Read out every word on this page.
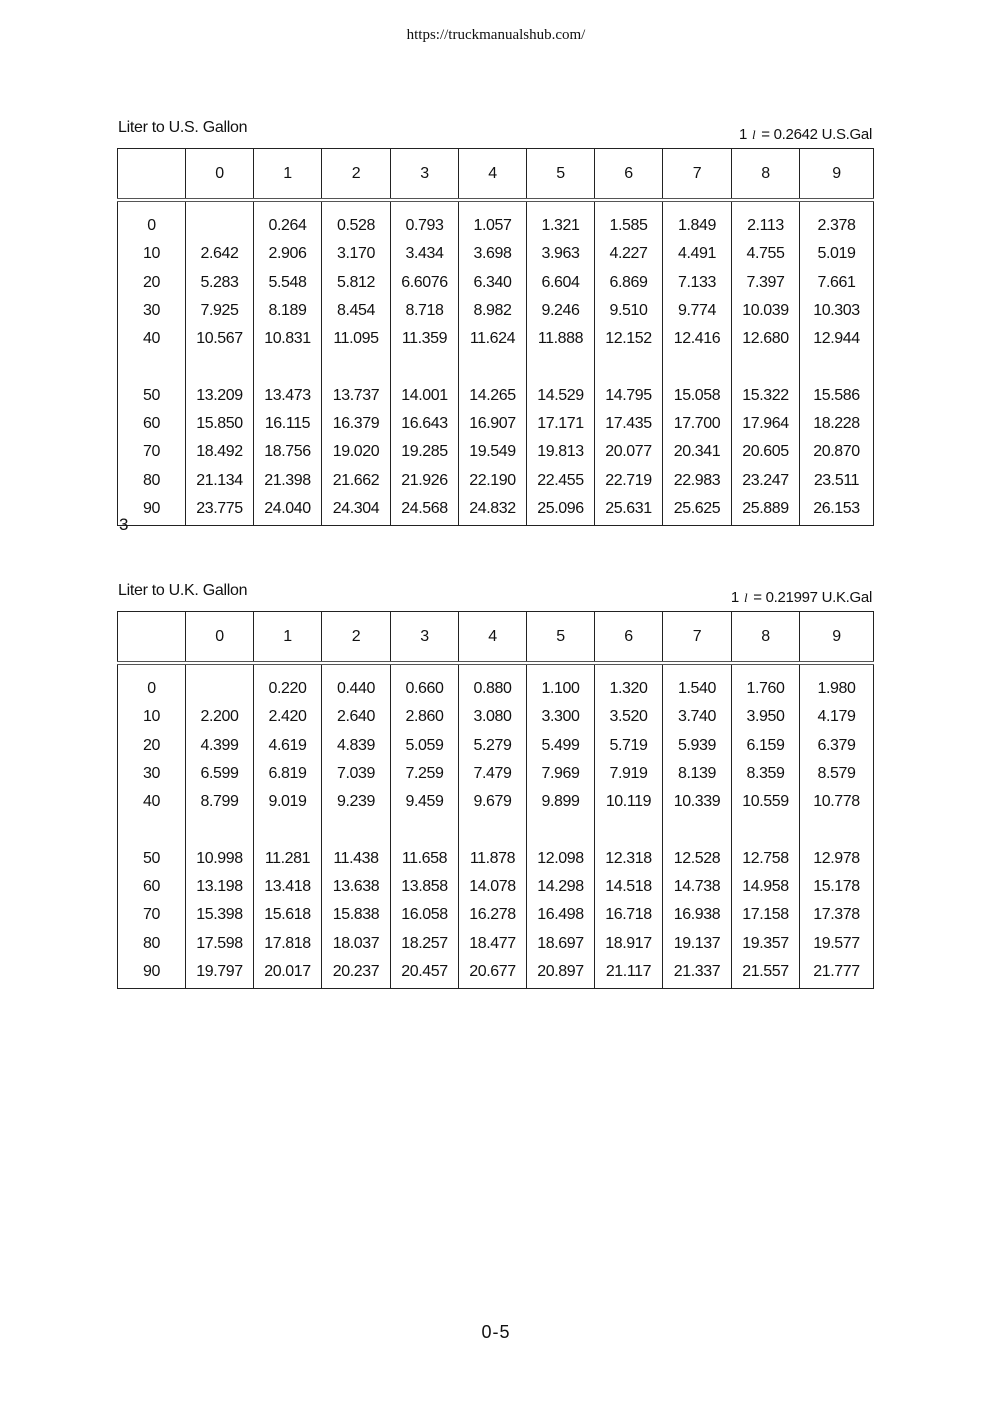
https://truckmanualshub.com/
Liter to U.S. Gallon	1 l = 0.2642 U.S.Gal
	0	1	2	3	4	5	6	7	8	9
0		0.264	0.528	0.793	1.057	1.321	1.585	1.849	2.113	2.378
10	2.642	2.906	3.170	3.434	3.698	3.963	4.227	4.491	4.755	5.019
20	5.283	5.548	5.812	6.6076	6.340	6.604	6.869	7.133	7.397	7.661
30	7.925	8.189	8.454	8.718	8.982	9.246	9.510	9.774	10.039	10.303
40	10.567	10.831	11.095	11.359	11.624	11.888	12.152	12.416	12.680	12.944
50	13.209	13.473	13.737	14.001	14.265	14.529	14.795	15.058	15.322	15.586
60	15.850	16.115	16.379	16.643	16.907	17.171	17.435	17.700	17.964	18.228
70	18.492	18.756	19.020	19.285	19.549	19.813	20.077	20.341	20.605	20.870
80	21.134	21.398	21.662	21.926	22.190	22.455	22.719	22.983	23.247	23.511
90	23.775	24.040	24.304	24.568	24.832	25.096	25.631	25.625	25.889	26.153
3
Liter to U.K. Gallon	1 l = 0.21997 U.K.Gal
	0	1	2	3	4	5	6	7	8	9
0		0.220	0.440	0.660	0.880	1.100	1.320	1.540	1.760	1.980
10	2.200	2.420	2.640	2.860	3.080	3.300	3.520	3.740	3.950	4.179
20	4.399	4.619	4.839	5.059	5.279	5.499	5.719	5.939	6.159	6.379
30	6.599	6.819	7.039	7.259	7.479	7.969	7.919	8.139	8.359	8.579
40	8.799	9.019	9.239	9.459	9.679	9.899	10.119	10.339	10.559	10.778
50	10.998	11.281	11.438	11.658	11.878	12.098	12.318	12.528	12.758	12.978
60	13.198	13.418	13.638	13.858	14.078	14.298	14.518	14.738	14.958	15.178
70	15.398	15.618	15.838	16.058	16.278	16.498	16.718	16.938	17.158	17.378
80	17.598	17.818	18.037	18.257	18.477	18.697	18.917	19.137	19.357	19.577
90	19.797	20.017	20.237	20.457	20.677	20.897	21.117	21.337	21.557	21.777
0-5
